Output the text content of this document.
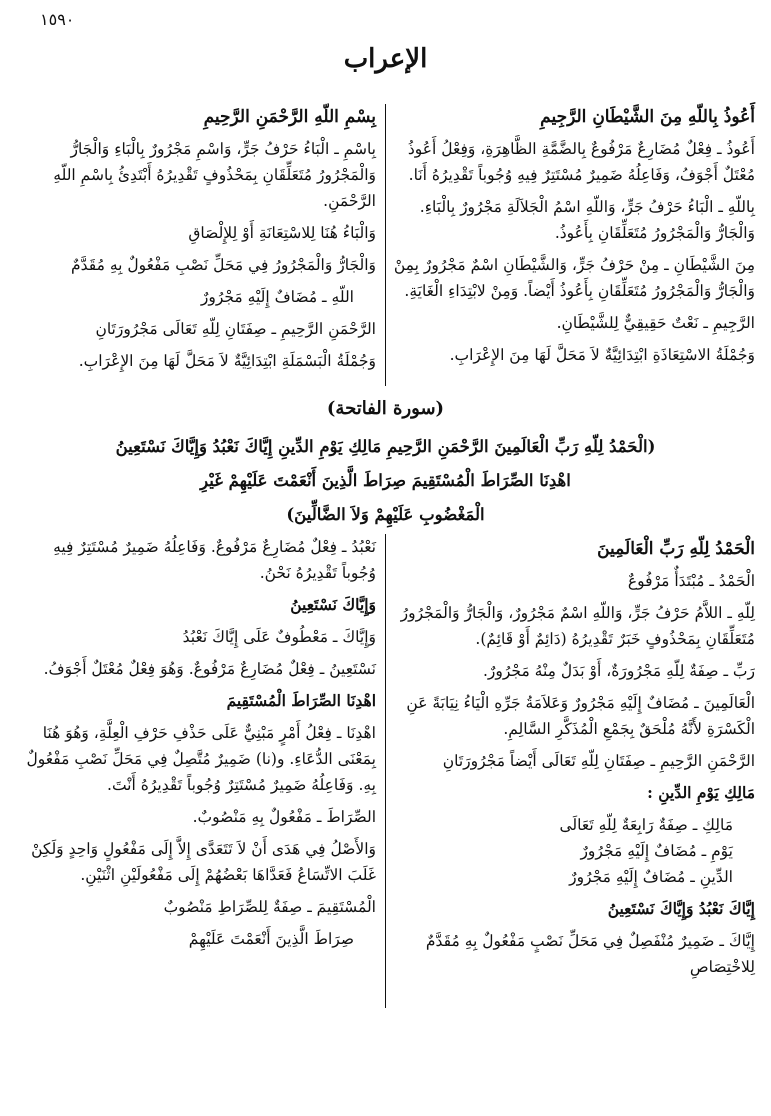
١٥٩٠
الإعراب
أَعُوذُ بِاللّهِ مِنَ الشَّيْطَانِ الرَّجِيمِ

أَعُوذُ ـ فِعْلٌ مُضَارِعٌ مَرْفُوعٌ بِالضَّمَّةِ الظَّاهِرَةِ، وَفِعْلُ أَعُوذُ مُعْتَلٌ أَجْوَفُ، وَفَاعِلُهُ ضَمِيرٌ مُسْتَتِرٌ فِيهِ وُجُوباً تَقْدِيرُهُ أَنَا.

بِاللّهِ ـ الْبَاءُ حَرْفُ جَرٍّ، وَاللّهِ اسْمُ الْجَلاَلَةِ مَجْرُورٌ بِالْبَاءِ. وَالْجَارُّ وَالْمَجْرُورُ مُتَعَلِّقَانِ بِأَعُوذُ.

مِنَ الشَّيْطَانِ ـ مِنْ حَرْفُ جَرٍّ، وَالشَّيْطَانِ اسْمٌ مَجْرُورٌ بِمِنْ وَالْجَارُّ وَالْمَجْرُورُ مُتَعَلِّقَانِ بِأَعُوذُ أَيْضاً. وَمِنْ لابْتِدَاءِ الْغَايَةِ.

الرَّجِيمِ ـ نَعْتٌ حَقِيقِيٌّ لِلشَّيْطَانِ.

وَجُمْلَةُ الاسْتِعَاذَةِ ابْتِدَائِيَّةٌ لاَ مَحَلَّ لَهَا مِنَ الإِعْرَابِ.

بِسْمِ اللّهِ الرَّحْمَنِ الرَّحِيمِ

بِاسْمِ ـ الْبَاءُ حَرْفُ جَرٍّ، وَاسْمِ مَجْرُورٌ بِالْبَاءِ وَالْجَارُّ وَالْمَجْرُورُ مُتَعَلِّقَانِ بِمَحْذُوفٍ تَقْدِيرُهُ أَبْتَدِئُ بِاسْمِ اللّهِ الرَّحْمَنِ.

وَالْبَاءُ هُنَا لِلاسْتِعَانَةِ أَوْ لِلإِلْصَاقِ

وَالْجَارُّ وَالْمَجْرُورُ فِي مَحَلِّ نَصْبِ مَفْعُولٌ بِهِ مُقَدَّمٌ

اللّهِ ـ مُضَافٌ إِلَيْهِ مَجْرُورٌ

الرَّحْمَنِ الرَّحِيمِ ـ صِفَتَانِ لِلّهِ تَعَالَى مَجْرُورَتَانِ

وَجُمْلَةُ الْبَسْمَلَةِ ابْتِدَائِيَّةٌ لاَ مَحَلَّ لَهَا مِنَ الإِعْرَابِ.

(سورة الفاتحة)
(الْحَمْدُ لِلّهِ رَبِّ الْعَالَمِينَ الرَّحْمَنِ الرَّحِيمِ مَالِكِ يَوْمِ الدِّينِ إِيَّاكَ نَعْبُدُ وَإِيَّاكَ نَسْتَعِينُ
اهْدِنَا الصِّرَاطَ الْمُسْتَقِيمَ صِرَاطَ الَّذِينَ أَنْعَمْتَ عَلَيْهِمْ غَيْرِ
الْمَغْضُوبِ عَلَيْهِمْ وَلاَ الضَّالِّينَ)
الْحَمْدُ لِلّهِ رَبِّ الْعَالَمِينَ

الْحَمْدُ ـ مُبْتَدَأٌ مَرْفُوعٌ

لِلّهِ ـ اللاَّمُ حَرْفُ جَرٍّ، وَاللّهِ اسْمٌ مَجْرُورٌ، وَالْجَارُّ وَالْمَجْرُورُ مُتَعَلِّقَانِ بِمَحْذُوفٍ خَبَرٌ تَقْدِيرُهُ (دَائِمٌ أَوْ قَائِمٌ).

رَبِّ ـ صِفَةٌ لِلّهِ مَجْرُورَةٌ، أَوْ بَدَلٌ مِنْهُ مَجْرُورٌ.

الْعَالَمِينَ ـ مُضَافٌ إِلَيْهِ مَجْرُورٌ وَعَلاَمَةُ جَرِّهِ الْيَاءُ نِيَابَةً عَنِ الْكَسْرَةِ لأَنَّهُ مُلْحَقٌ بِجَمْعِ الْمُذَكَّرِ السَّالِمِ.

الرَّحْمَنِ الرَّحِيمِ ـ صِفَتَانِ لِلّهِ تَعَالَى أَيْضاً مَجْرُورَتَانِ

مَالِكِ يَوْمِ الدِّينِ :

مَالِكِ ـ صِفَةٌ رَابِعَةٌ لِلّهِ تَعَالَى

يَوْمِ ـ مُضَافٌ إِلَيْهِ مَجْرُورٌ

الدِّينِ ـ مُضَافٌ إِلَيْهِ مَجْرُورٌ

إِيَّاكَ نَعْبُدُ وَإِيَّاكَ نَسْتَعِينُ

إِيَّاكَ ـ ضَمِيرٌ مُنْفَصِلٌ فِي مَحَلِّ نَصْبٍ مَفْعُولٌ بِهِ مُقَدَّمٌ لِلاخْتِصَاصِ

نَعْبُدُ ـ فِعْلٌ مُضَارِعٌ مَرْفُوعٌ. وَفَاعِلُهُ ضَمِيرٌ مُسْتَتِرٌ فِيهِ وُجُوباً تَقْدِيرُهُ نَحْنُ.

وَإِيَّاكَ نَسْتَعِينُ

وَإِيَّاكَ ـ مَعْطُوفٌ عَلَى إِيَّاكَ نَعْبُدُ

نَسْتَعِينُ ـ فِعْلٌ مُضَارِعٌ مَرْفُوعٌ. وَهُوَ فِعْلٌ مُعْتَلٌ أَجْوَفُ.

اهْدِنَا الصِّرَاطَ الْمُسْتَقِيمَ

اهْدِنَا ـ فِعْلُ أَمْرٍ مَبْنِيٌّ عَلَى حَذْفِ حَرْفِ الْعِلَّةِ، وَهُوَ هُنَا بِمَعْنَى الدُّعَاءِ. و(نا) ضَمِيرٌ مُتَّصِلٌ فِي مَحَلِّ نَصْبِ مَفْعُولٌ بِهِ. وَفَاعِلُهُ ضَمِيرٌ مُسْتَتِرٌ وُجُوباً تَقْدِيرُهُ أَنْتَ.

الصِّرَاطَ ـ مَفْعُولٌ بِهِ مَنْصُوبٌ.

وَالأَصْلُ فِي هَدَى أَنْ لاَ تَتَعَدَّى إِلاَّ إِلَى مَفْعُولٍ وَاحِدٍ وَلَكِنْ غَلَبَ الاتِّسَاعُ فَعَدَّاهَا بَعْضُهُمْ إِلَى مَفْعُولَيْنِ اثْنَيْنِ.

الْمُسْتَقِيمَ ـ صِفَةٌ لِلصِّرَاطِ مَنْصُوبٌ

صِرَاطَ الَّذِينَ أَنْعَمْتَ عَلَيْهِمْ
